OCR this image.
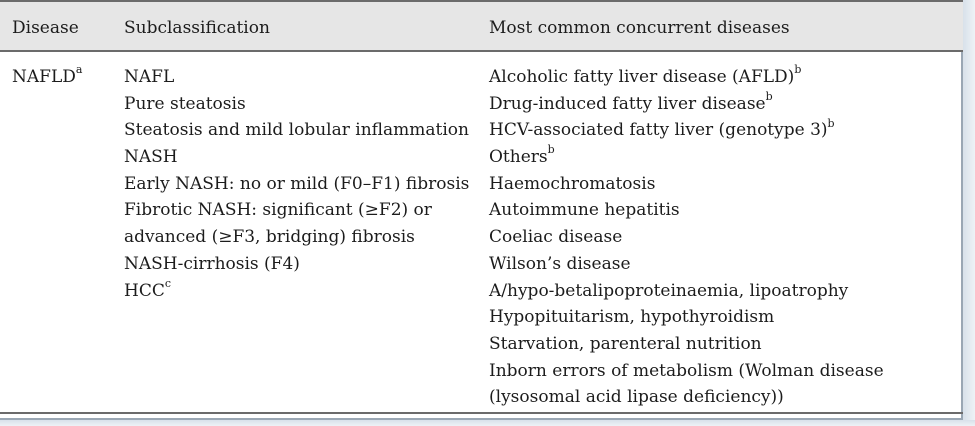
Disease	Subclassification	Most common concurrent diseases
NAFLD$^a$ NAFL
Pure steatosis
Steatosis and mild lobular inflammation
NASH
Early NASH: no or mild (F0–F1) fibrosis
Fibrotic NASH: significant (≥F2) or
advanced (≥F3, bridging) fibrosis
NASH-cirrhosis (F4)
HCC$^c$
Alcoholic fatty liver disease (AFLD)$^b$
Drug-induced fatty liver disease$^b$
HCV-associated fatty liver (genotype 3)$^b$
Others$^b$
Haemochromatosis
Autoimmune hepatitis
Coeliac disease
Wilson’s disease
A/hypo-betalipoproteinaemia, lipoatrophy
Hypopituitarism, hypothyroidism
Starvation, parenteral nutrition
Inborn errors of metabolism (Wolman disease
(lysosomal acid lipase deficiency))
